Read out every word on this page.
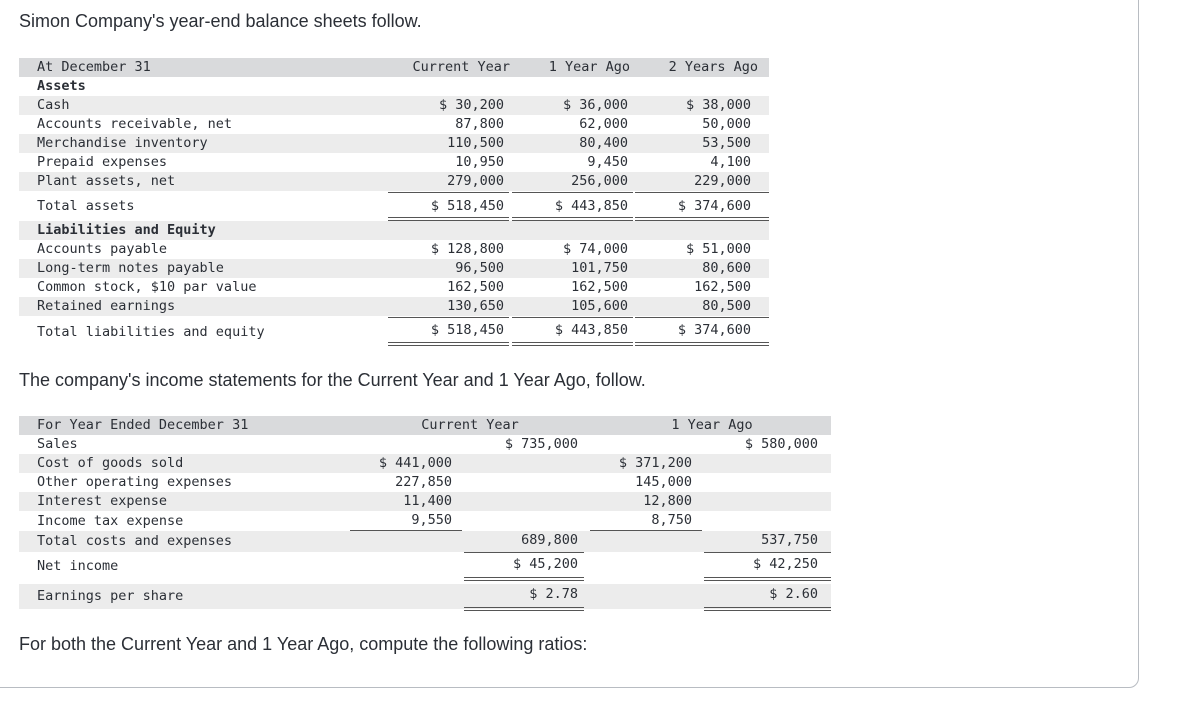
Simon Company's year-end balance sheets follow.
At December 31	Current Year	1 Year Ago	2 Years Ago
Assets
Cash	$ 30,200	$ 36,000	$ 38,000
Accounts receivable, net	87,800	62,000	50,000
Merchandise inventory	110,500	80,400	53,500
Prepaid expenses	10,950	9,450	4,100
Plant assets, net	279,000	256,000	229,000
Total assets	$ 518,450	$ 443,850	$ 374,600
Liabilities and Equity
Accounts payable	$ 128,800	$ 74,000	$ 51,000
Long-term notes payable	96,500	101,750	80,600
Common stock, $10 par value	162,500	162,500	162,500
Retained earnings	130,650	105,600	80,500
Total liabilities and equity	$ 518,450	$ 443,850	$ 374,600
The company's income statements for the Current Year and 1 Year Ago, follow.
For Year Ended December 31	Current Year	1 Year Ago
Sales	$ 735,000	$ 580,000
Cost of goods sold	$ 441,000	$ 371,200
Other operating expenses	227,850	145,000
Interest expense	11,400	12,800
Income tax expense	9,550	8,750
Total costs and expenses	689,800	537,750
Net income	$ 45,200	$ 42,250
Earnings per share	$ 2.78	$ 2.60
For both the Current Year and 1 Year Ago, compute the following ratios:
